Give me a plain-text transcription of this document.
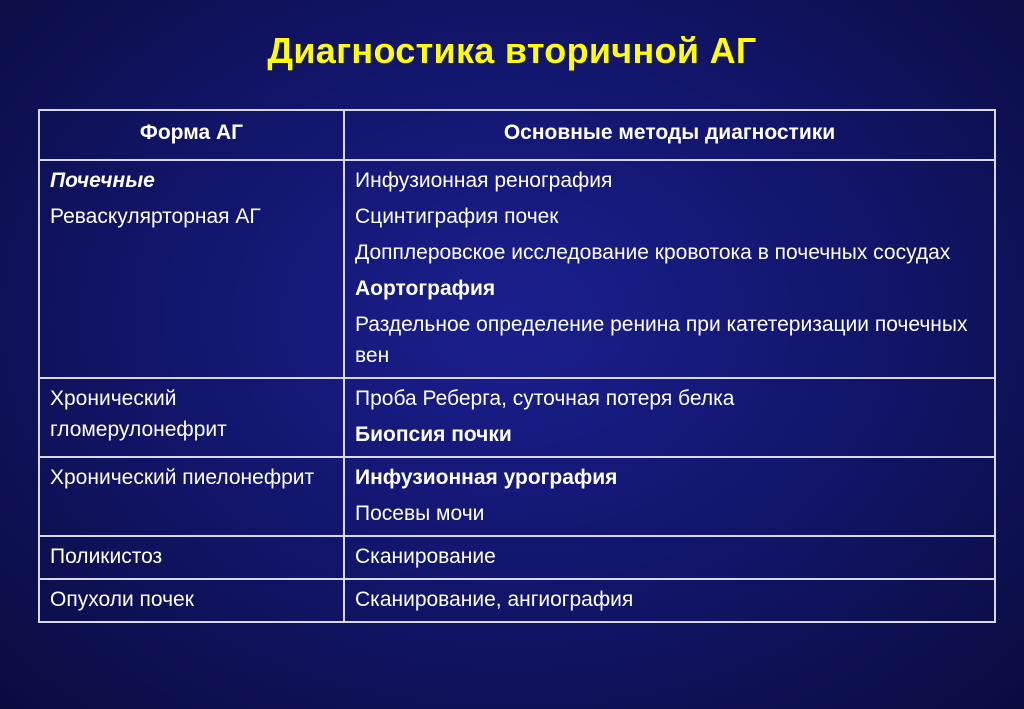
Диагностика вторичной АГ
Форма АГ	Основные методы диагностики

Почечные
Реваскулярторная АГ	Инфузионная ренография
Сцинтиграфия почек
Допплеровское исследование кровотока в почечных сосудах
Аортография
Раздельное определение ренина при катетеризации почечных вен

Хронический гломерулонефрит	Проба Реберга, суточная потеря белка
Биопсия почки

Хронический пиелонефрит	Инфузионная урография
Посевы мочи

Поликистоз	Сканирование

Опухоли почек	Сканирование, ангиография
